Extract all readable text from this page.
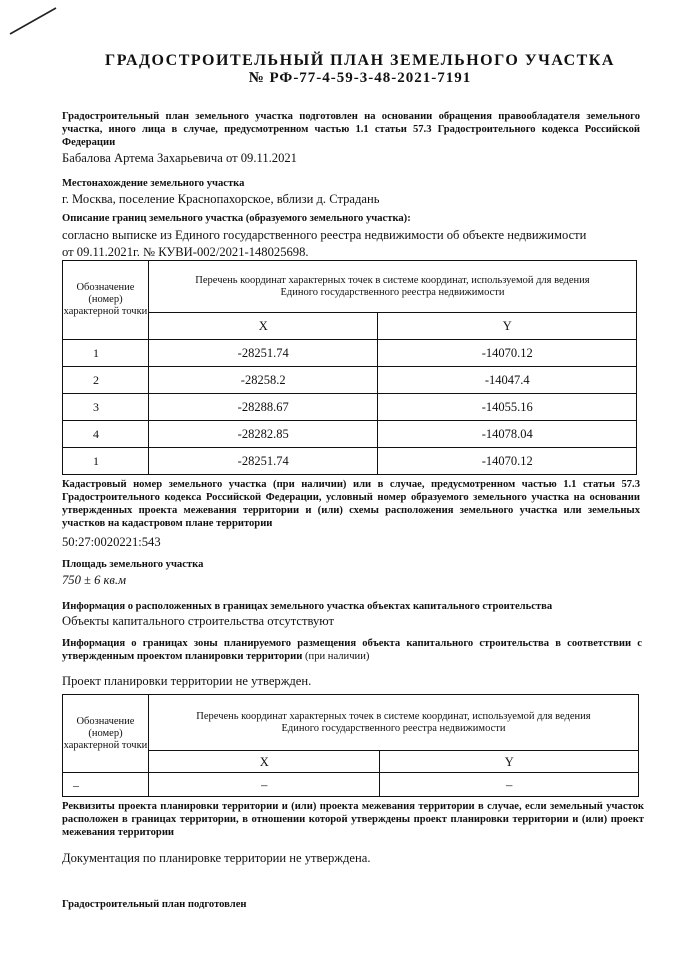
ГРАДОСТРОИТЕЛЬНЫЙ ПЛАН ЗЕМЕЛЬНОГО УЧАСТКА
№ РФ-77-4-59-3-48-2021-7191
Градостроительный план земельного участка подготовлен на основании обращения правообладателя земельного участка, иного лица в случае, предусмотренном частью 1.1 статьи 57.3 Градостроительного кодекса Российской Федерации
Бабалова Артема Захарьевича от 09.11.2021
Местонахождение земельного участка
г. Москва, поселение Краснопахорское, вблизи д. Страдань
Описание границ земельного участка (образуемого земельного участка):
согласно выписке из Единого государственного реестра недвижимости об объекте недвижимости
от 09.11.2021г. № КУВИ-002/2021-148025698.
Обозначение (номер) характерной точки	Перечень координат характерных точек в системе координат, используемой для ведения Единого государственного реестра недвижимости	
	X	Y
1	-28251.74	-14070.12
2	-28258.2	-14047.4
3	-28288.67	-14055.16
4	-28282.85	-14078.04
1	-28251.74	-14070.12
Кадастровый номер земельного участка (при наличии) или в случае, предусмотренном частью 1.1 статьи 57.3 Градостроительного кодекса Российской Федерации, условный номер образуемого земельного участка на основании утвержденных проекта межевания территории и (или) схемы расположения земельного участка или земельных участков на кадастровом плане территории
50:27:0020221:543
Площадь земельного участка
750 ± 6 кв.м
Информация о расположенных в границах земельного участка объектах капитального строительства
Объекты капитального строительства отсутствуют
Информация о границах зоны планируемого размещения объекта капитального строительства в соответствии с утвержденным проектом планировки территории (при наличии)
Проект планировки территории не утвержден.
Обозначение (номер) характерной точки	Перечень координат характерных точек в системе координат, используемой для ведения Единого государственного реестра недвижимости	
	X	Y
–	–	–
Реквизиты проекта планировки территории и (или) проекта межевания территории в случае, если земельный участок расположен в границах территории, в отношении которой утверждены проект планировки территории и (или) проект межевания территории
Документация по планировке территории не утверждена.
Градостроительный план подготовлен
